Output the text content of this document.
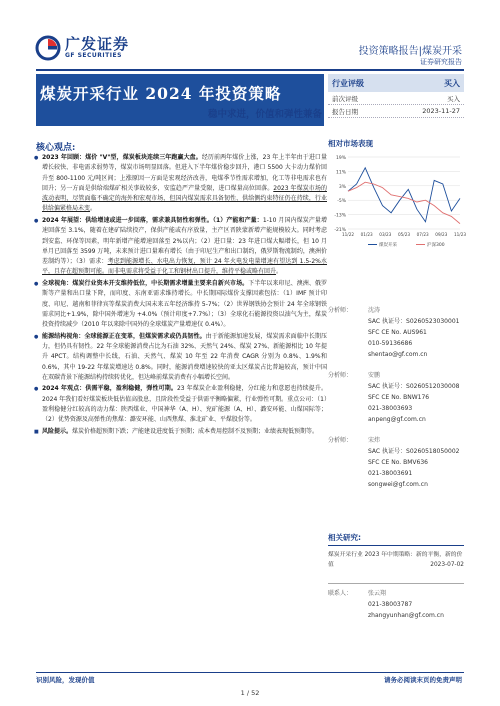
广发证券
GF SECURITIES	投资策略报告|煤炭开采
证券研究报告
煤炭开采行业 2024 年投资策略
稳中求进，价值和弹性兼备
行业评级	买入
前次评级	买入
报告日期	2023-11-27
核心观点:
● 2023 年回顾：煤价 "V"型，煤炭板块连续三年跑赢大盘。经历前两年煤价上涨，23 年上半年由于进口量增长较快、非电需求弱势等，煤炭市场明显回落。但进入下半年煤价稳步回升，港口 5500 大卡动力煤价回升至 800-1100 元/吨区间；上涨原因一方面是宏观经济改善，电煤季节性需求增加，化工等非电需求也有回升；另一方面是供给端煤矿相关事故较多，安监趋严产量受限，进口煤量高位回落。2023 年煤炭市场的波动表明，尽管面临不确定的海外和宏观市场，但国内煤炭需求具备韧性、供给侧约束特征仍在持续，行业供给偏紧格局未变。
● 2024 年展望：供给增速或进一步回落，需求兼具韧性和弹性。（1）产能和产量：1-10 月国内煤炭产量增速回落至 3.1%，随着在建矿陆续投产，保供产能或有序放量，主产区晋陕蒙新增产能规模较大。同时考虑到安监、环保等因素，明年新增产能增速回落至 2%以内；（2）进口量：23 年进口煤大幅增长，但 10 月单月已回落至 3599 万吨，未来预计进口量难有增长（由于印尼生产和出口制约，俄罗斯物流制约，澳洲价差制约等）；（3）需求：考虑到能源增长、水电出力恢复，预计 24 年火电发电量增速有望达到 1.5-2%水平，且存在超预期可能。而非电需求将受益于化工和钢材出口提升，维持平稳或略有回升。
● 全球视角：煤炭行业资本开支维持低位，中长期需求增量主要来自新兴市场。下半年以来印尼、澳洲、俄罗斯等产量和出口量下降，而印度、东南亚需求维持增长。中长期国际煤价支撑因素包括：（1）IMF 预计印度、印尼、越南和菲律宾等煤炭消费大国未来五年经济维持 5-7%；（2）世界钢铁协会预计 24 年全球钢铁需求同比+1.9%，除中国外增速为 +4.0%（预计印度+7.7%）；（3）全球化石能源投资以油气为主，煤炭投资持续减少（2010 年以来除中国外的全球煤炭产量增速仅 0.4%）。
● 能源结构视角：全球能源正在变革，但煤炭需求或仍具韧性。由于新能源加速发展，煤炭需求面临中长期压力，但仍具有韧性。22 年全球能源消费占比为石油 32%、天然气 24%、煤炭 27%、新能源相比 10 年提升 4PCT。结构调整中长线，石油、天然气、煤炭 10 年至 22 年消费 CAGR 分别为 0.8%、1.9%和 0.6%，其中 19-22 年煤炭增速达 0.8%。同时，能源消费增速较快的亚太区煤炭占比普遍较高，预计中国在双碳背景下能源结构持续转优化，但达峰前煤炭消费有小幅增长空间。
● 2024 年观点：供需平稳，盈利稳健，弹性可期。23 年煤炭企业盈利稳健，分红能力和意愿也持续提升。2024 年我们看好煤炭板块低估值高股息，且阶段性受益于供需平衡略偏紧，行业弹性可期。重点公司：（1）盈利稳健分红较高的动力煤：陕西煤业、中国神华（A、H）、兖矿能源（A、H）、潞安环能、山煤国际等；（2）优势资源及高弹性的焦煤：潞安环能、山西焦煤、淮北矿业、平煤股份等。
■ 风险提示。煤炭价格超预期下跌；产能建设进度低于预期；成本费用控制不及预期；业绩表现低预期等。
相对市场表现
19%
11%
3%
-5%
-13%
-21%
11/22 01/23 03/23 05/23 07/23 09/23 11/23
煤炭开采	沪深300
分析师：	沈涛
SAC 执证号：S0260523030001
SFC CE No. AUS961
010-59136686
shentao@gf.com.cn
分析师：	安鹏
SAC 执证号：S0260512030008
SFC CE No. BNW176
021-38003693
anpeng@gf.com.cn
分析师：	宋炜
SAC 执证号：S0260518050002
SFC CE No. BMV636
021-38003691
songwei@gf.com.cn
相关研究:
煤炭开采行业 2023 年中期策略：新的平衡，新的价值	2023-07-02
联系人：	张云翔
021-38003787
zhangyunhan@gf.com.cn
识别风险，发现价值	请务必阅读末页的免责声明
1 / 52
